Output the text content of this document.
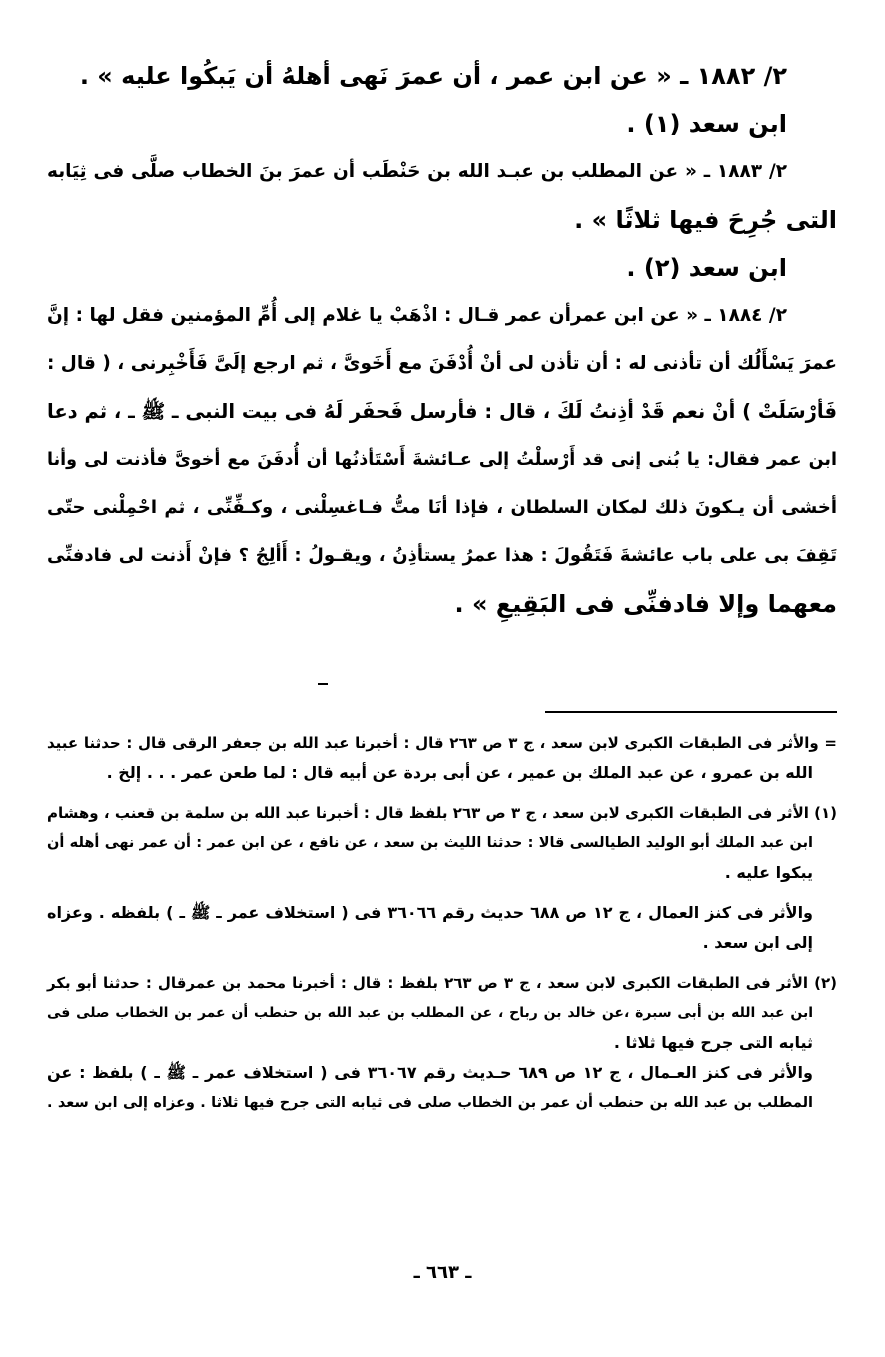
٢/ ١٨٨٢ ـ « عن ابن عمر ، أن عمرَ نَهى أهلهُ أن يَبكُوا عليه » .
ابن سعد (١) .
٢/ ١٨٨٣ ـ « عن المطلب بن عبـد الله بن حَنْطَب أن عمرَ بنَ الخطاب صلَّى فى ثِيَابه
التى جُرِحَ فيها ثلاثًا » .
ابن سعد (٢) .
٢/ ١٨٨٤ ـ « عن ابن عمرأن عمر قـال : اذْهَبْ يا غلام إلى أُمِّ المؤمنين فقل لها : إنَّ
عمرَ يَسْأَلُك أن تأذنى له : أن تأذن لى أنْ أُدْفَنَ مع أَخَوىَّ ، ثم ارجع إلَىَّ فَأَخْبِرنى ، ( قال :
فَأرْسَلَتْ ) أنْ نعم قَدْ أذِنتُ لَكَ ، قال : فأرسل فَحفَر لَهُ فى بيت النبى ـ ﷺ ـ ، ثم دعا
ابن عمر فقال: يا بُنى إنى قد أَرْسلْتُ إلى عـائشةَ أَسْتَأذنُها أن أُدفَنَ مع أخوىَّ فأذنت لى وأنا
أخشى أن يـكونَ ذلك لمكان السلطان ، فإذا أنَا متُّ فـاغسِلْنى ، وكـفِّنِّى ، ثم احْمِلْنى حتّى
تَقِفَ بى على باب عائشةَ فَتَقُولَ : هذا عمرُ يستأذِنُ ، ويقـولُ : أَألِجُ ؟ فإنْ أَذنت لى فادفنِّى
معهما وإلا فادفنِّى فى البَقِيعِ » .
= والأثر فى الطبقات الكبرى لابن سعد ، ج ٣ ص ٢٦٣ قال : أخبرنا عبد الله بن جعفر الرقى قال : حدثنا عبيد
الله بن عمرو ، عن عبد الملك بن عمير ، عن أبى بردة عن أبيه قال : لما طعن عمر . . . إلخ .
(١) الأثر فى الطبقات الكبرى لابن سعد ، ج ٣ ص ٢٦٣ بلفظ قال : أخبرنا عبد الله بن سلمة بن قعنب ، وهشام
ابن عبد الملك أبو الوليد الطيالسى قالا : حدثنا الليث بن سعد ، عن نافع ، عن ابن عمر : أن عمر نهى أهله أن
يبكوا عليه .
والأثر فى كنز العمال ، ج ١٢ ص ٦٨٨ حديث رقم ٣٦٠٦٦ فى ( استخلاف عمر ـ ﷺ ـ ) بلفظه . وعزاه
إلى ابن سعد .
(٢) الأثر فى الطبقات الكبرى لابن سعد ، ج ٣ ص ٢٦٣ بلفظ : قال : أخبرنا محمد بن عمرقال : حدثنا أبو بكر
ابن عبد الله بن أبى سبرة ،عن خالد بن رباح ، عن المطلب بن عبد الله بن حنطب أن عمر بن الخطاب صلى فى
ثيابه التى جرح فيها ثلاثا .
والأثر فى كنز العـمال ، ج ١٢ ص ٦٨٩ حـديث رقم ٣٦٠٦٧ فى ( استخلاف عمر ـ ﷺ ـ ) بلفظ : عن
المطلب بن عبد الله بن حنطب أن عمر بن الخطاب صلى فى ثيابه التى جرح فيها ثلاثا . وعزاه إلى ابن سعد .
ـ ٦٦٣ ـ
